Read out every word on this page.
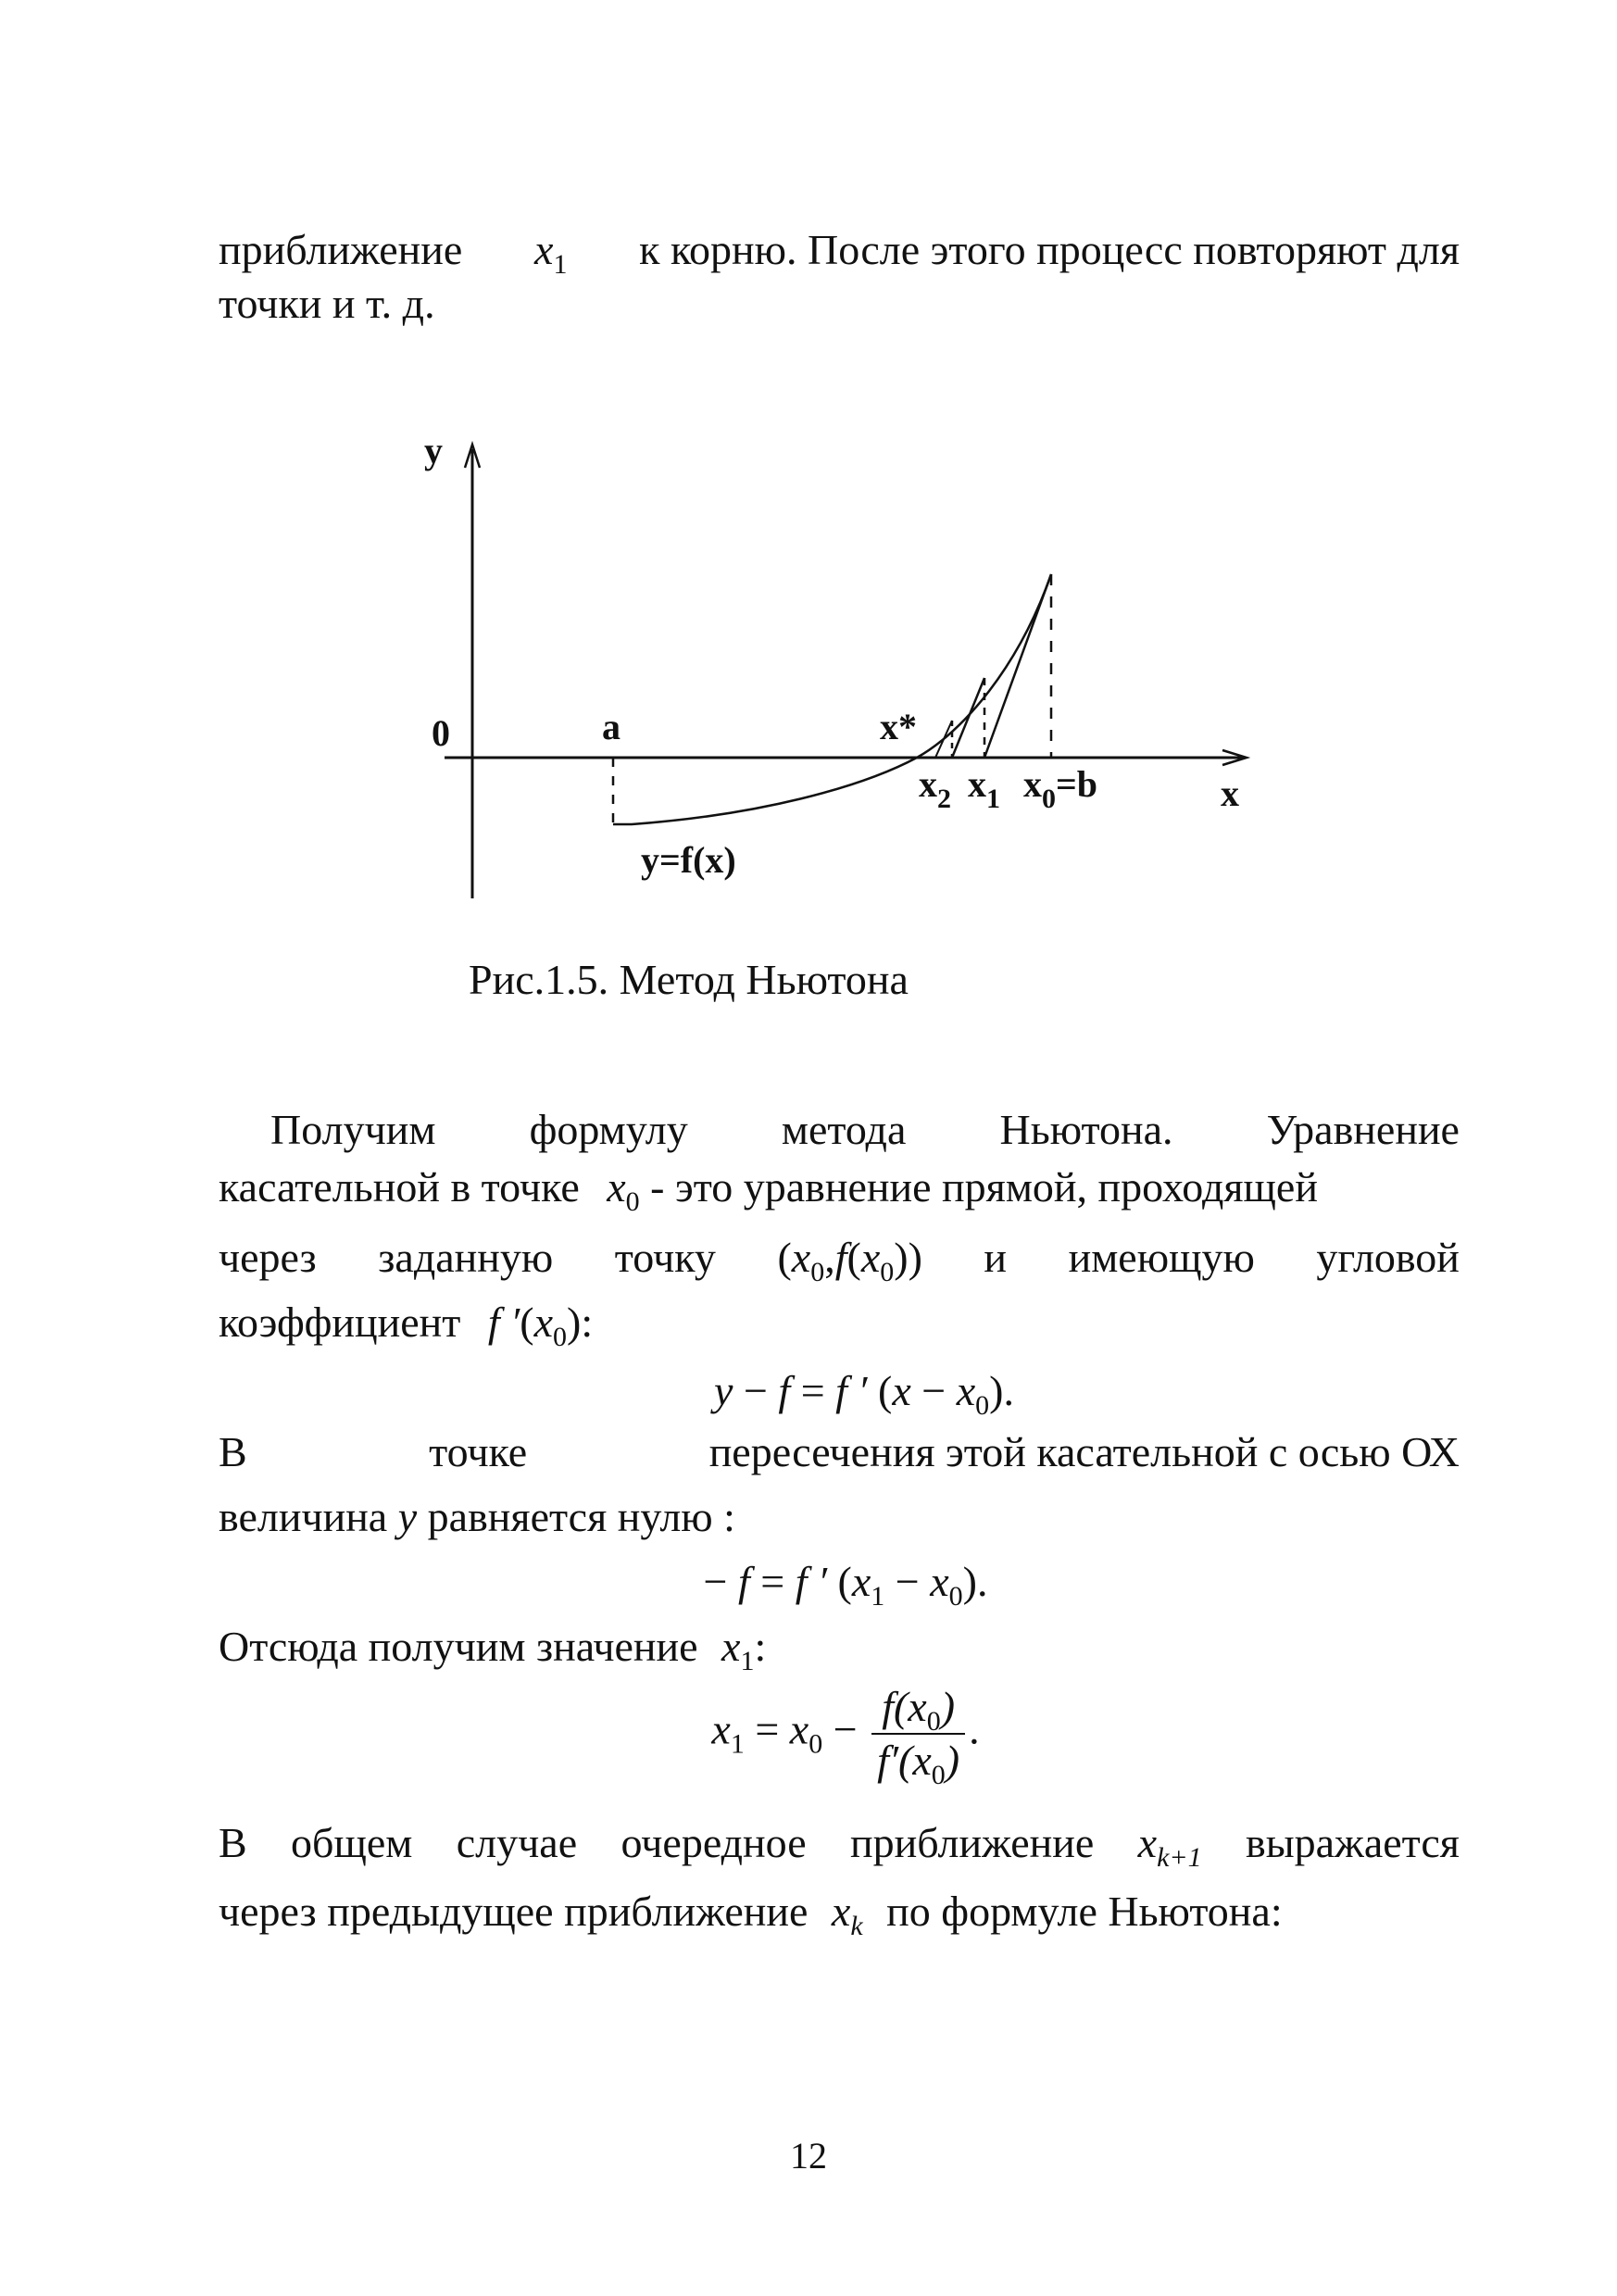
приближение $x_1$ к корню. После этого процесс повторяют для
точки и т. д.
y
x
0	a	x*
$x_2$ $x_1$ $x_0=b$
y=f(x)
Рис.1.5. Метод Ньютона
Получим формулу метода Ньютона. Уравнение
касательной в точке $x_0$ - это уравнение прямой, проходящей
через заданную точку $(x_0,f(x_0))$ и имеющую угловой
коэффициент f $'(x_0)$:
y − f = f ′ $(x - x_0)$.
В	точке	пересечения этой касательной с осью ОХ
величина y равняется нулю :
− f = f ′ $(x_1 - x_0)$.
Отсюда получим значение $x_1$:
$x_1 = x_0 - \frac{f(x_0)}{f'(x_0)}$ .
В общем случае очередное приближение $x_{k+1}$ выражается
через предыдущее приближение $x_k$ по формуле Ньютона:
12
